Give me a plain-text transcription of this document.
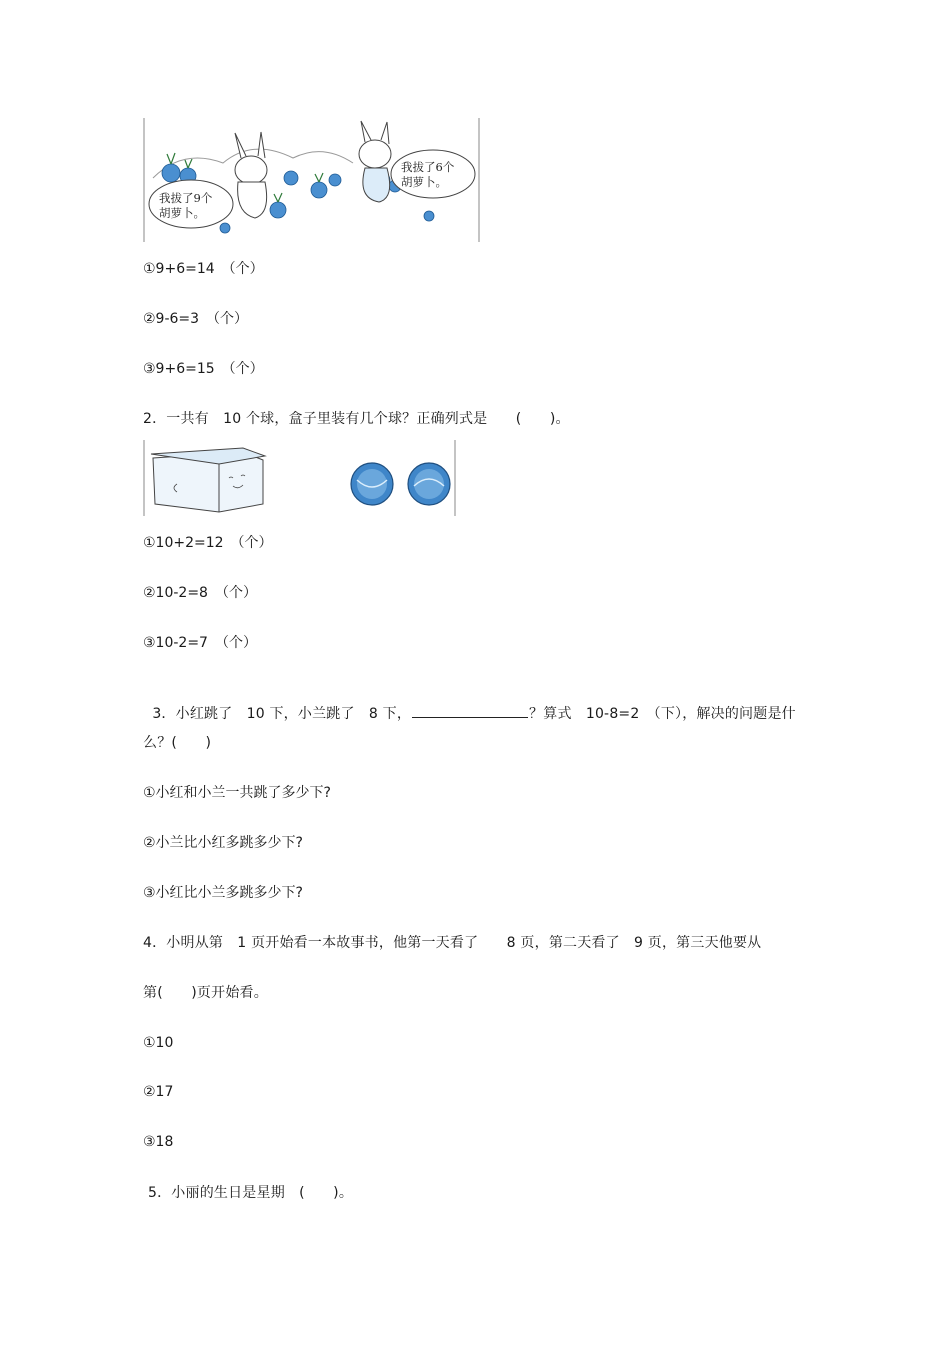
我拔了9个
胡萝卜。
我拔了6个
胡萝卜。
①9+6=14　（个）
②9-6=3　（个）
③9+6=15　（个）
2．一共有　10 个球，盒子里装有几个球？正确列式是　　(　　)。
①10+2=12　（个）
②10-2=8　（个）
③10-2=7　（个）

3．小红跳了　10 下，小兰跳了　8 下，	？算式　10-8=2　（下），解决的问题是什

么？(　　)
①小红和小兰一共跳了多少下?
②小兰比小红多跳多少下?
③小红比小兰多跳多少下?
4．小明从第　1 页开始看一本故事书，他第一天看了　　8 页，第二天看了　9 页，第三天他要从
第(　　)页开始看。
①10
②17
③18
5．小丽的生日是星期　(　　)。
